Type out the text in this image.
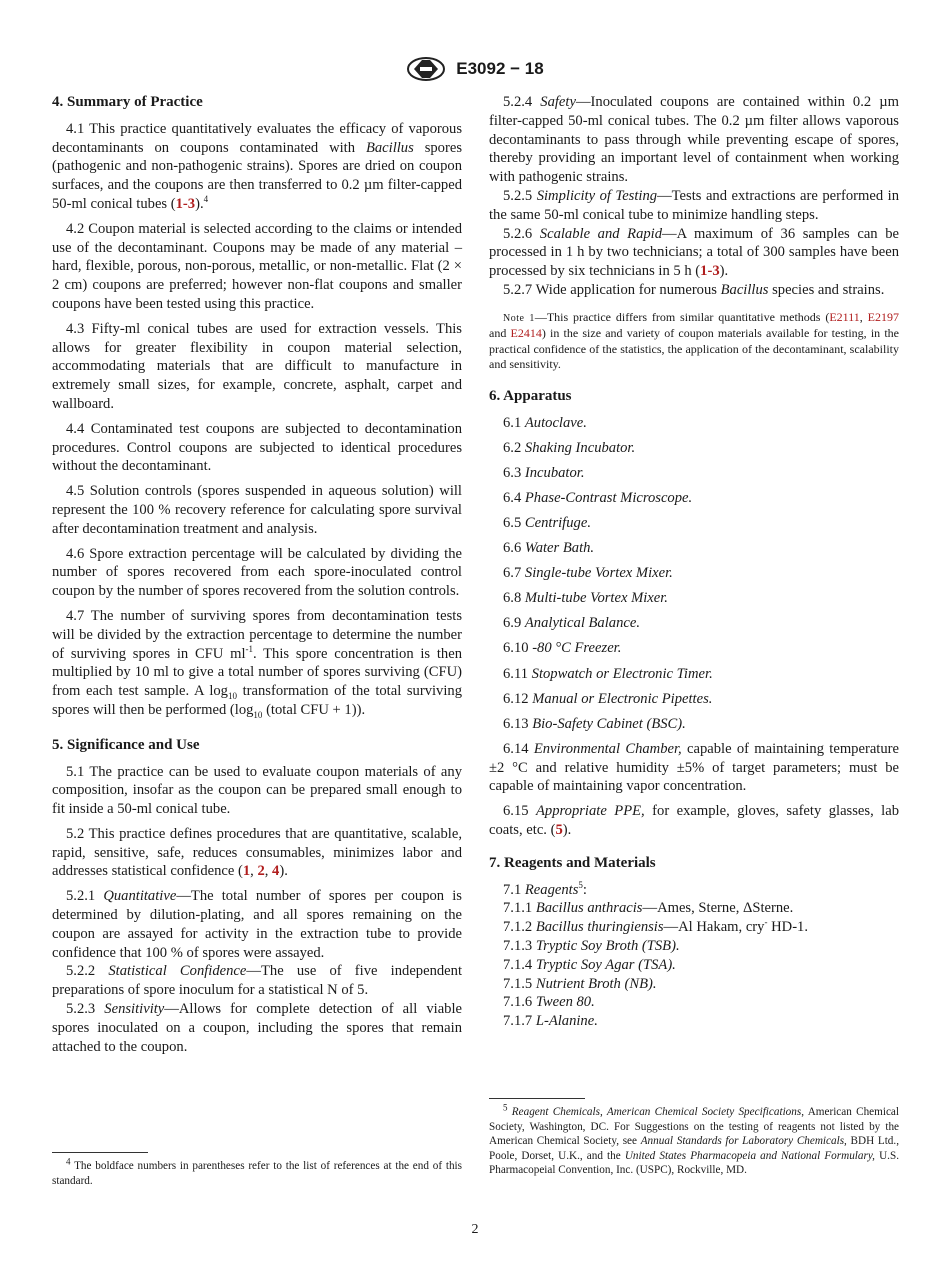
E3092 − 18
4. Summary of Practice

4.1 This practice quantitatively evaluates the efficacy of vaporous decontaminants on coupons contaminated with Bacillus spores (pathogenic and non-pathogenic strains). Spores are dried on coupon surfaces, and the coupons are then transferred to 0.2 µm filter-capped 50-ml conical tubes (1-3).$^4$

4.2 Coupon material is selected according to the claims or intended use of the decontaminant. Coupons may be made of any material – hard, flexible, porous, non-porous, metallic, or non-metallic. Flat (2 × 2 cm) coupons are preferred; however non-flat coupons and smaller coupons have been tested using this practice.

4.3 Fifty-ml conical tubes are used for extraction vessels. This allows for greater flexibility in coupon material selection, accommodating materials that are difficult to manufacture in extremely small sizes, for example, concrete, asphalt, carpet and wallboard.

4.4 Contaminated test coupons are subjected to decontamination procedures. Control coupons are subjected to identical procedures without the decontaminant.

4.5 Solution controls (spores suspended in aqueous solution) will represent the 100 % recovery reference for calculating spore survival after decontamination treatment and analysis.

4.6 Spore extraction percentage will be calculated by dividing the number of spores recovered from each spore-inoculated control coupon by the number of spores recovered from the solution controls.

4.7 The number of surviving spores from decontamination tests will be divided by the extraction percentage to determine the number of surviving spores in CFU $ml^{-1}$. This spore concentration is then multiplied by 10 ml to give a total number of spores surviving (CFU) from each test sample. A $\log_{10}$ transformation of the total surviving spores will then be performed ($\log_{10}$ (total CFU + 1)).

5. Significance and Use

5.1 The practice can be used to evaluate coupon materials of any composition, insofar as the coupon can be prepared small enough to fit inside a 50-ml conical tube.

5.2 This practice defines procedures that are quantitative, scalable, rapid, sensitive, safe, reduces consumables, minimizes labor and addresses statistical confidence (1, 2, 4).

5.2.1 Quantitative—The total number of spores per coupon is determined by dilution-plating, and all spores remaining on the coupon are assayed for activity in the extraction tube to provide confidence that 100 % of spores were assayed.

5.2.2 Statistical Confidence—The use of five independent preparations of spore inoculum for a statistical N of 5.

5.2.3 Sensitivity—Allows for complete detection of all viable spores inoculated on a coupon, including the spores that remain attached to the coupon.

$^4$ The boldface numbers in parentheses refer to the list of references at the end of this standard.

5.2.4 Safety—Inoculated coupons are contained within 0.2 µm filter-capped 50-ml conical tubes. The 0.2 µm filter allows vaporous decontaminants to pass through while preventing escape of spores, thereby providing an important level of containment when working with pathogenic strains.

5.2.5 Simplicity of Testing—Tests and extractions are performed in the same 50-ml conical tube to minimize handling steps.

5.2.6 Scalable and Rapid—A maximum of 36 samples can be processed in 1 h by two technicians; a total of 300 samples have been processed by six technicians in 5 h (1-3).

5.2.7 Wide application for numerous Bacillus species and strains.

Note 1—This practice differs from similar quantitative methods (E2111, E2197 and E2414) in the size and variety of coupon materials available for testing, in the practical confidence of the statistics, the application of the decontaminant, scalability and sensitivity.
6. Apparatus
6.1 Autoclave.
6.2 Shaking Incubator.
6.3 Incubator.
6.4 Phase-Contrast Microscope.
6.5 Centrifuge.
6.6 Water Bath.
6.7 Single-tube Vortex Mixer.
6.8 Multi-tube Vortex Mixer.
6.9 Analytical Balance.
6.10 -80 °C Freezer.
6.11 Stopwatch or Electronic Timer.
6.12 Manual or Electronic Pipettes.
6.13 Bio-Safety Cabinet (BSC).

6.14 Environmental Chamber, capable of maintaining temperature ±2 °C and relative humidity ±5% of target parameters; must be capable of maintaining vapor concentration.

6.15 Appropriate PPE, for example, gloves, safety glasses, lab coats, etc. (5).

7. Reagents and Materials
7.1 Reagents$^5$:
7.1.1 Bacillus anthracis—Ames, Sterne, ΔSterne.
7.1.2 Bacillus thuringiensis—Al Hakam, cry- HD-1.
7.1.3 Tryptic Soy Broth (TSB).
7.1.4 Tryptic Soy Agar (TSA).
7.1.5 Nutrient Broth (NB).
7.1.6 Tween 80.
7.1.7 L-Alanine.
$^5$ Reagent Chemicals, American Chemical Society Specifications, American Chemical Society, Washington, DC. For Suggestions on the testing of reagents not listed by the American Chemical Society, see Annual Standards for Laboratory Chemicals, BDH Ltd., Poole, Dorset, U.K., and the United States Pharmacopeia and National Formulary, U.S. Pharmacopeial Convention, Inc. (USPC), Rockville, MD.
2
